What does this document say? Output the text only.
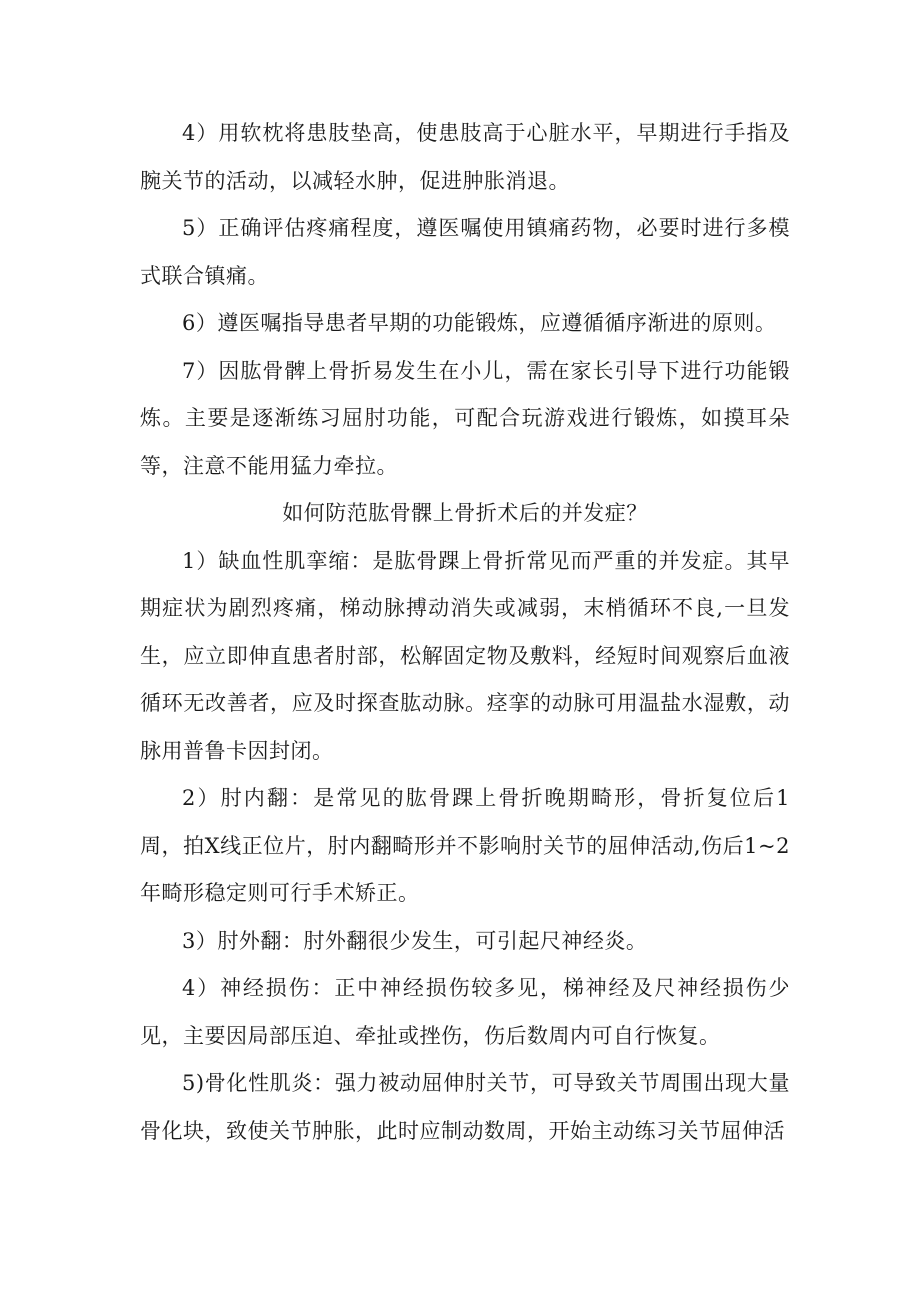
4）用软枕将患肢垫高，使患肢高于心脏水平，早期进行手指及腕关节的活动，以减轻水肿，促进肿胀消退。

5）正确评估疼痛程度，遵医嘱使用镇痛药物，必要时进行多模式联合镇痛。

6）遵医嘱指导患者早期的功能锻炼，应遵循循序渐进的原则。

7）因肱骨髀上骨折易发生在小儿，需在家长引导下进行功能锻炼。主要是逐渐练习屈肘功能，可配合玩游戏进行锻炼，如摸耳朵等，注意不能用猛力牵拉。

如何防范肱骨髁上骨折术后的并发症？

1）缺血性肌挛缩：是肱骨踝上骨折常见而严重的并发症。其早期症状为剧烈疼痛，梯动脉搏动消失或减弱，末梢循环不良,一旦发生，应立即伸直患者肘部，松解固定物及敷料，经短时间观察后血液循环无改善者，应及时探查肱动脉。痉挛的动脉可用温盐水湿敷，动脉用普鲁卡因封闭。

2）肘内翻：是常见的肱骨踝上骨折晚期畸形，骨折复位后1周，拍X线正位片，肘内翻畸形并不影响肘关节的屈伸活动,伤后1~2年畸形稳定则可行手术矫正。

3）肘外翻：肘外翻很少发生，可引起尺神经炎。

4）神经损伤：正中神经损伤较多见，梯神经及尺神经损伤少见，主要因局部压迫、牵扯或挫伤，伤后数周内可自行恢复。

5)骨化性肌炎：强力被动屈伸肘关节，可导致关节周围出现大量骨化块，致使关节肿胀，此时应制动数周，开始主动练习关节屈伸活
